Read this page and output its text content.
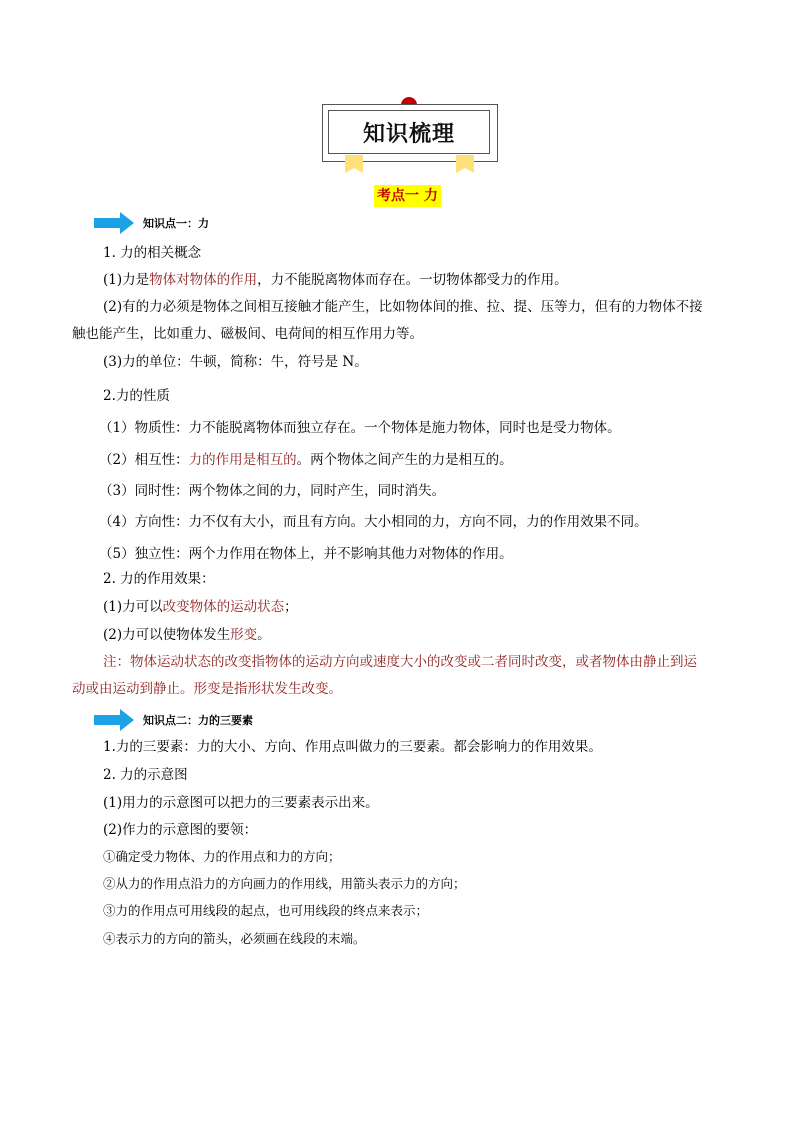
知识梳理
考点一 力
知识点一：力
1. 力的相关概念
(1)力是物体对物体的作用，力不能脱离物体而存在。一切物体都受力的作用。
(2)有的力必须是物体之间相互接触才能产生，比如物体间的推、拉、提、压等力，但有的力物体不接
触也能产生，比如重力、磁极间、电荷间的相互作用力等。
(3)力的单位：牛顿，简称：牛，符号是 N。
2.力的性质
（1）物质性：力不能脱离物体而独立存在。一个物体是施力物体，同时也是受力物体。
（2）相互性：力的作用是相互的。两个物体之间产生的力是相互的。
（3）同时性：两个物体之间的力，同时产生，同时消失。
（4）方向性：力不仅有大小，而且有方向。大小相同的力，方向不同，力的作用效果不同。
（5）独立性：两个力作用在物体上，并不影响其他力对物体的作用。
2. 力的作用效果：
(1)力可以改变物体的运动状态；
(2)力可以使物体发生形变。
注：物体运动状态的改变指物体的运动方向或速度大小的改变或二者同时改变，或者物体由静止到运
动或由运动到静止。形变是指形状发生改变。
知识点二：力的三要素
1.力的三要素：力的大小、方向、作用点叫做力的三要素。都会影响力的作用效果。
2. 力的示意图
(1)用力的示意图可以把力的三要素表示出来。
(2)作力的示意图的要领：
①确定受力物体、力的作用点和力的方向；
②从力的作用点沿力的方向画力的作用线，用箭头表示力的方向；
③力的作用点可用线段的起点，也可用线段的终点来表示；
④表示力的方向的箭头，必须画在线段的末端。
